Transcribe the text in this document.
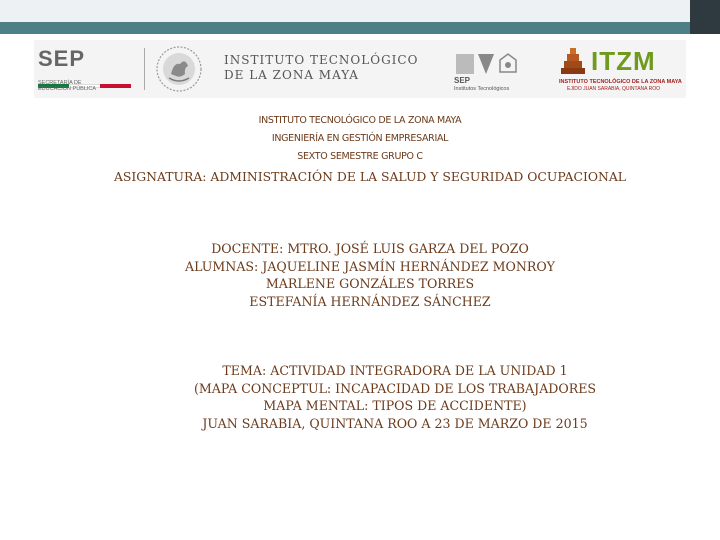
SEP
SECRETARÍA DE
EDUCACIÓN PÚBLICA
INSTITUTO TECNOLÓGICO
DE LA ZONA MAYA	SEP
Institutos Tecnológicos
ITZM
INSTITUTO TECNOLÓGICO DE LA ZONA MAYA
EJIDO JUAN SARABIA, QUINTANA ROO
INSTITUTO TECNOLÓGICO DE LA ZONA MAYA
INGENIERÍA EN GESTIÓN EMPRESARIAL
SEXTO SEMESTRE GRUPO C
ASIGNATURA: ADMINISTRACIÓN DE LA SALUD Y SEGURIDAD OCUPACIONAL
DOCENTE: MTRO. JOSÉ LUIS GARZA DEL POZO
ALUMNAS: JAQUELINE JASMÍN HERNÁNDEZ MONROY
MARLENE GONZÁLES TORRES
ESTEFANÍA HERNÁNDEZ SÁNCHEZ
TEMA: ACTIVIDAD INTEGRADORA DE LA UNIDAD 1
(MAPA CONCEPTUL: INCAPACIDAD DE LOS TRABAJADORES
MAPA MENTAL: TIPOS DE ACCIDENTE)
JUAN SARABIA, QUINTANA ROO A 23 DE MARZO DE 2015
